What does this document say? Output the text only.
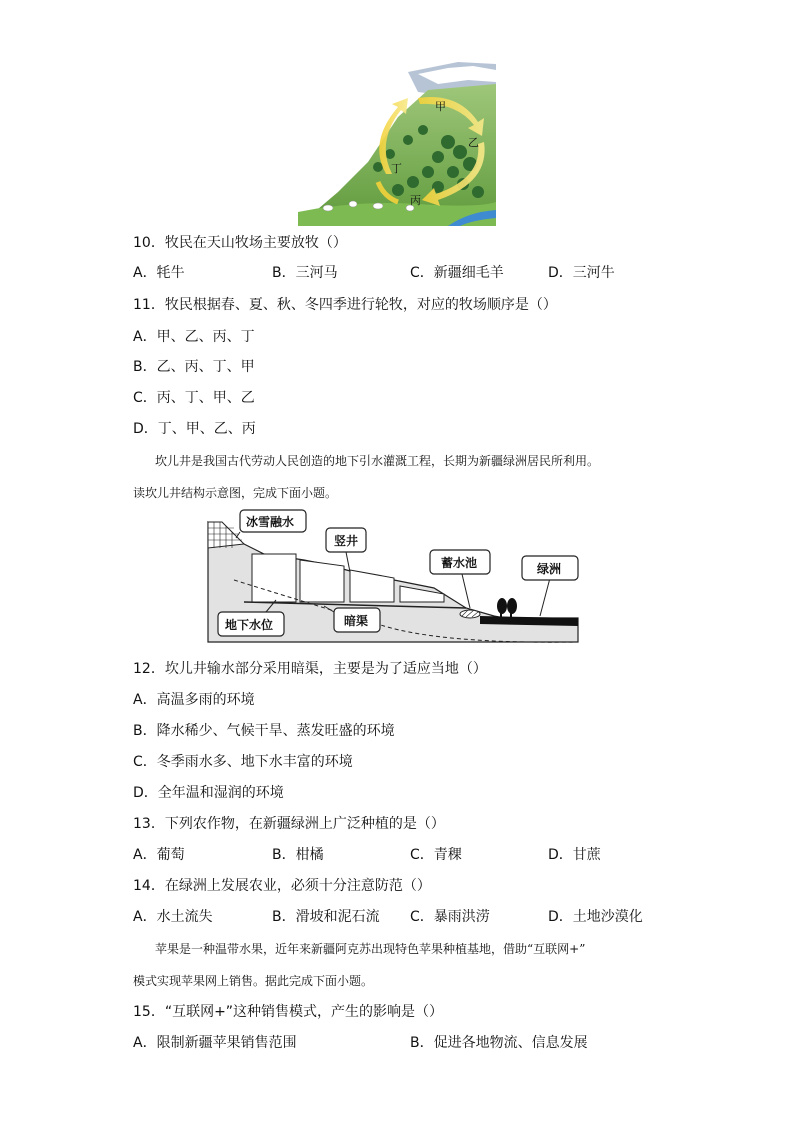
甲
乙
丁
丙
10．牧民在天山牧场主要放牧（）
A．牦牛	B．三河马	C．新疆细毛羊	D．三河牛
11．牧民根据春、夏、秋、冬四季进行轮牧，对应的牧场顺序是（）
A．甲、乙、丙、丁
B．乙、丙、丁、甲
C．丙、丁、甲、乙
D．丁、甲、乙、丙
坎儿井是我国古代劳动人民创造的地下引水灌溉工程，长期为新疆绿洲居民所利用。
读坎儿井结构示意图，完成下面小题。
冰雪融水
竖井
蓄水池	绿洲
地下水位	暗渠
12．坎儿井输水部分采用暗渠，主要是为了适应当地（）
A．高温多雨的环境
B．降水稀少、气候干旱、蒸发旺盛的环境
C．冬季雨水多、地下水丰富的环境
D．全年温和湿润的环境
13．下列农作物，在新疆绿洲上广泛种植的是（）
A．葡萄	B．柑橘	C．青稞	D．甘蔗
14．在绿洲上发展农业，必须十分注意防范（）
A．水土流失	B．滑坡和泥石流 C．暴雨洪涝	D．土地沙漠化
苹果是一种温带水果，近年来新疆阿克苏出现特色苹果种植基地，借助“互联网+”
模式实现苹果网上销售。据此完成下面小题。
15．“互联网+”这种销售模式，产生的影响是（）
A．限制新疆苹果销售范围	B．促进各地物流、信息发展
